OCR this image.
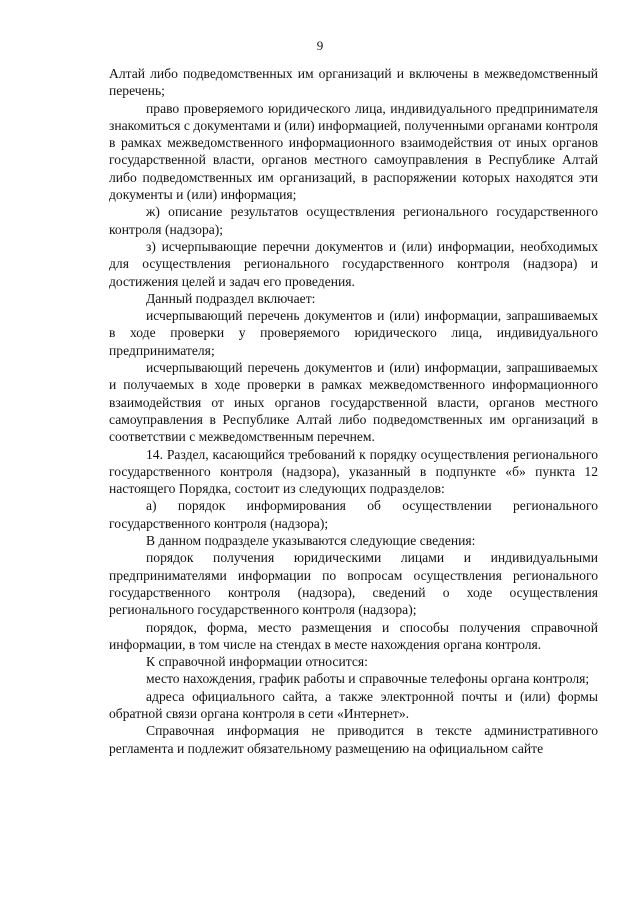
9

Алтай либо подведомственных им организаций и включены в межведомственный перечень;

право проверяемого юридического лица, индивидуального предпринимателя знакомиться с документами и (или) информацией, полученными органами контроля в рамках межведомственного информационного взаимодействия от иных органов государственной власти, органов местного самоуправления в Республике Алтай либо подведомственных им организаций, в распоряжении которых находятся эти документы и (или) информация;

ж) описание результатов осуществления регионального государственного контроля (надзора);

з) исчерпывающие перечни документов и (или) информации, необходимых для осуществления регионального государственного контроля (надзора) и достижения целей и задач его проведения.

Данный подраздел включает:

исчерпывающий перечень документов и (или) информации, запрашиваемых в ходе проверки у проверяемого юридического лица, индивидуального предпринимателя;

исчерпывающий перечень документов и (или) информации, запрашиваемых и получаемых в ходе проверки в рамках межведомственного информационного взаимодействия от иных органов государственной власти, органов местного самоуправления в Республике Алтай либо подведомственных им организаций в соответствии с межведомственным перечнем.

14. Раздел, касающийся требований к порядку осуществления регионального государственного контроля (надзора), указанный в подпункте «б» пункта 12 настоящего Порядка, состоит из следующих подразделов:

а) порядок информирования об осуществлении регионального государственного контроля (надзора);

В данном подразделе указываются следующие сведения:

порядок получения юридическими лицами и индивидуальными предпринимателями информации по вопросам осуществления регионального государственного контроля (надзора), сведений о ходе осуществления регионального государственного контроля (надзора);

порядок, форма, место размещения и способы получения справочной информации, в том числе на стендах в месте нахождения органа контроля.

К справочной информации относится:

место нахождения, график работы и справочные телефоны органа контроля;

адреса официального сайта, а также электронной почты и (или) формы обратной связи органа контроля в сети «Интернет».

Справочная информация не приводится в тексте административного регламента и подлежит обязательному размещению на официальном сайте
